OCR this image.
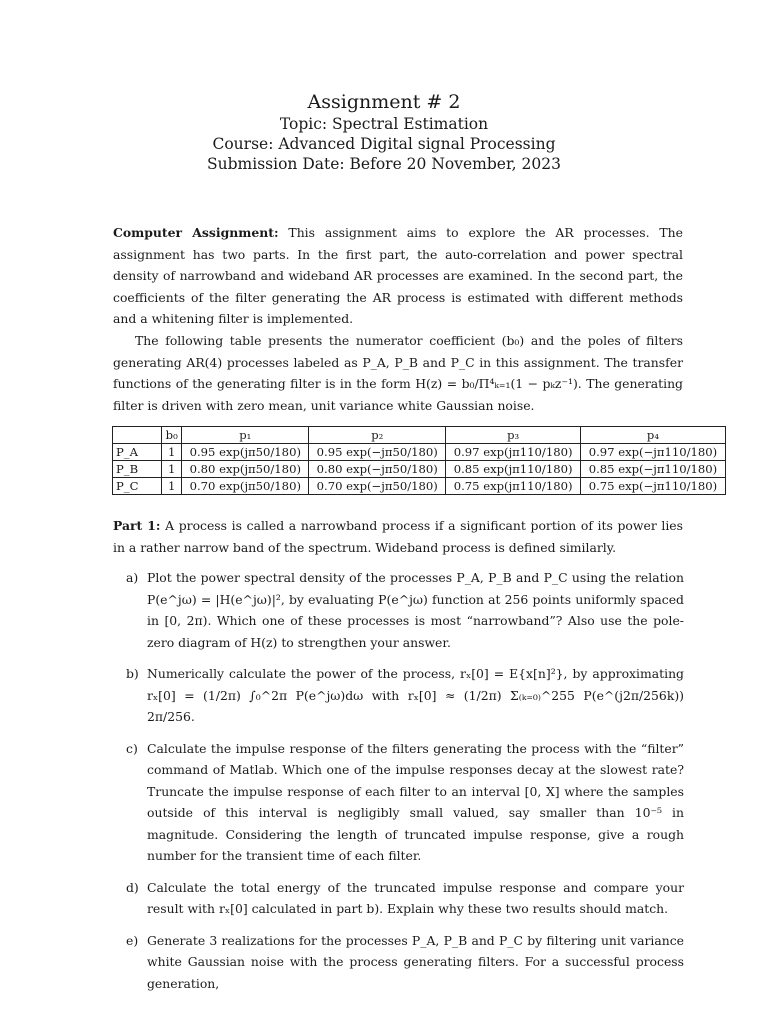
Assignment # 2
Topic: Spectral Estimation
Course: Advanced Digital signal Processing
Submission Date: Before 20 November, 2023
Computer Assignment: This assignment aims to explore the AR processes. The assignment has two parts. In the first part, the auto-correlation and power spectral density of narrowband and wideband AR processes are examined. In the second part, the coefficients of the filter generating the AR process is estimated with different methods and a whitening filter is implemented.
The following table presents the numerator coefficient (b₀) and the poles of filters generating AR(4) processes labeled as P_A, P_B and P_C in this assignment. The transfer functions of the generating filter is in the form H(z) = b₀/Π⁴ₖ₌₁(1 − pₖz⁻¹). The generating filter is driven with zero mean, unit variance white Gaussian noise.
	b₀	p₁	p₂	p₃	p₄
P_A	1	0.95 exp(jπ50/180)	0.95 exp(−jπ50/180)	0.97 exp(jπ110/180)	0.97 exp(−jπ110/180)
P_B	1	0.80 exp(jπ50/180)	0.80 exp(−jπ50/180)	0.85 exp(jπ110/180)	0.85 exp(−jπ110/180)
P_C	1	0.70 exp(jπ50/180)	0.70 exp(−jπ50/180)	0.75 exp(jπ110/180)	0.75 exp(−jπ110/180)
Part 1: A process is called a narrowband process if a significant portion of its power lies in a rather narrow band of the spectrum. Wideband process is defined similarly.
a) Plot the power spectral density of the processes P_A, P_B and P_C using the relation P(e^jω) = |H(e^jω)|², by evaluating P(e^jω) function at 256 points uniformly spaced in [0, 2π). Which one of these processes is most “narrowband”? Also use the pole-zero diagram of H(z) to strengthen your answer.
b) Numerically calculate the power of the process, rₓ[0] = E{x[n]²}, by approximating rₓ[0] = (1/2π) ∫₀^2π P(e^jω)dω with rₓ[0] ≈ (1/2π) Σ₍ₖ₌₀₎^255 P(e^(j2π/256k)) 2π/256.
c) Calculate the impulse response of the filters generating the process with the “filter” command of Matlab. Which one of the impulse responses decay at the slowest rate? Truncate the impulse response of each filter to an interval [0, X] where the samples outside of this interval is negligibly small valued, say smaller than 10⁻⁵ in magnitude. Considering the length of truncated impulse response, give a rough number for the transient time of each filter.
d) Calculate the total energy of the truncated impulse response and compare your result with rₓ[0] calculated in part b). Explain why these two results should match.
e) Generate 3 realizations for the processes P_A, P_B and P_C by filtering unit variance white Gaussian noise with the process generating filters. For a successful process generation,
